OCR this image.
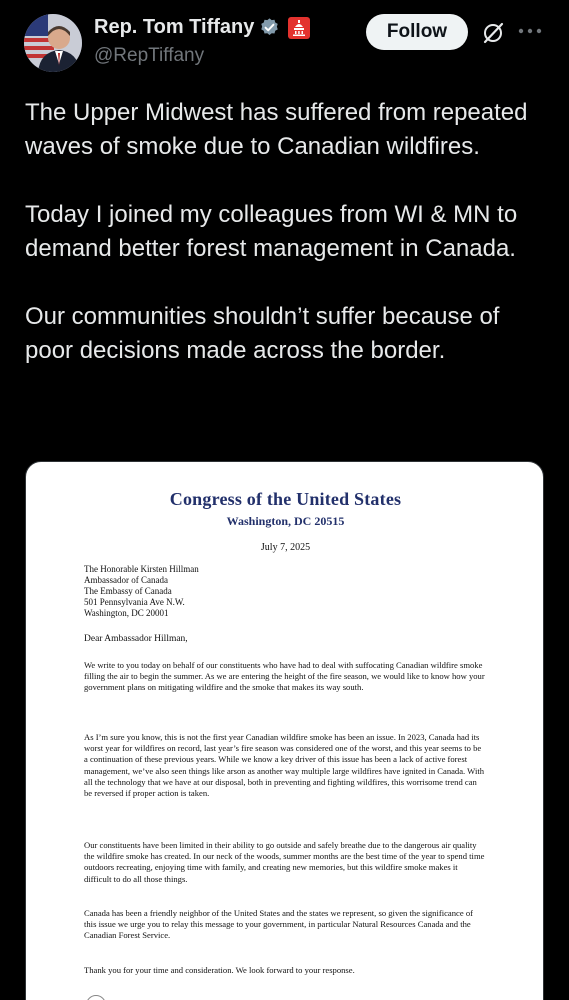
Rep. Tom Tiffany
@RepTiffany
Follow

The Upper Midwest has suffered from repeated waves of smoke due to Canadian wildfires.

Today I joined my colleagues from WI & MN to demand better forest management in Canada.

Our communities shouldn’t suffer because of poor decisions made across the border.

Congress of the United States
Washington, DC 20515
July 7, 2025
The Honorable Kirsten Hillman
Ambassador of Canada
The Embassy of Canada
501 Pennsylvania Ave N.W.
Washington, DC 20001
Dear Ambassador Hillman,
We write to you today on behalf of our constituents who have had to deal with suffocating Canadian wildfire smoke filling the air to begin the summer. As we are entering the height of the fire season, we would like to know how your government plans on mitigating wildfire and the smoke that makes its way south.
As I’m sure you know, this is not the first year Canadian wildfire smoke has been an issue. In 2023, Canada had its worst year for wildfires on record, last year’s fire season was considered one of the worst, and this year seems to be a continuation of these previous years. While we know a key driver of this issue has been a lack of active forest management, we’ve also seen things like arson as another way multiple large wildfires have ignited in Canada. With all the technology that we have at our disposal, both in preventing and fighting wildfires, this worrisome trend can be reversed if proper action is taken.
Our constituents have been limited in their ability to go outside and safely breathe due to the dangerous air quality the wildfire smoke has created. In our neck of the woods, summer months are the best time of the year to spend time outdoors recreating, enjoying time with family, and creating new memories, but this wildfire smoke makes it difficult to do all those things.
Canada has been a friendly neighbor of the United States and the states we represent, so given the significance of this issue we urge you to relay this message to your government, in particular Natural Resources Canada and the Canadian Forest Service.
Thank you for your time and consideration. We look forward to your response.
